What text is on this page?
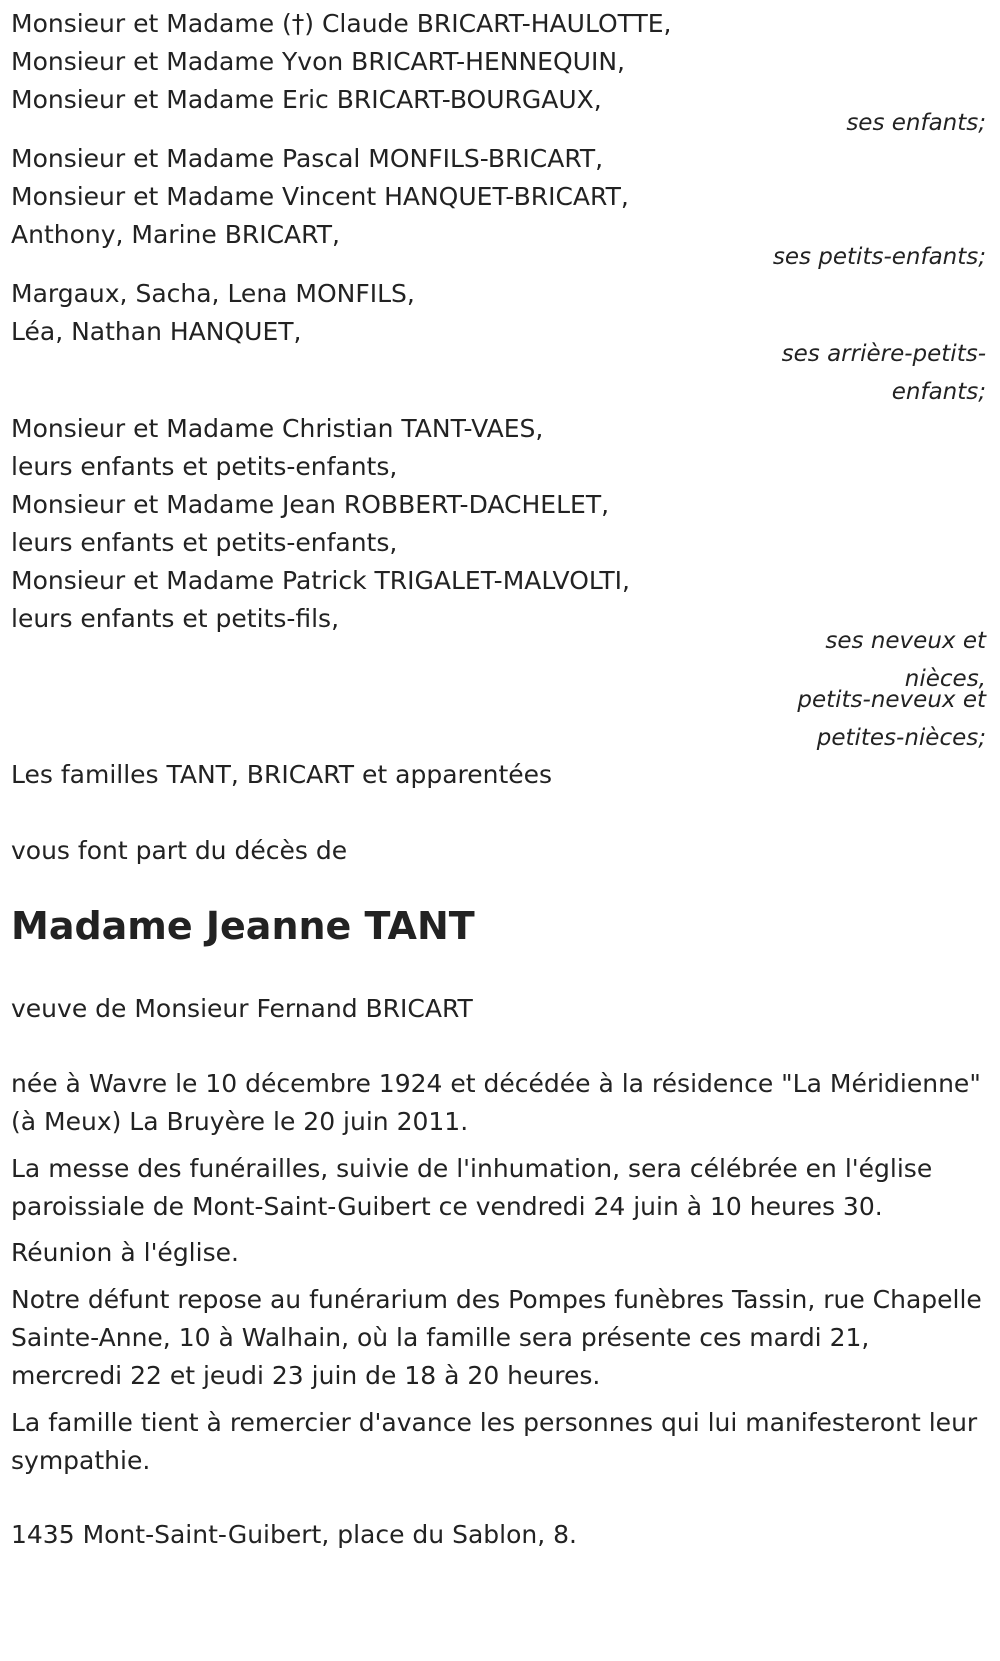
Monsieur et Madame (†) Claude BRICART-HAULOTTE,
Monsieur et Madame Yvon BRICART-HENNEQUIN,
Monsieur et Madame Eric BRICART-BOURGAUX,
ses enfants;
Monsieur et Madame Pascal MONFILS-BRICART,
Monsieur et Madame Vincent HANQUET-BRICART,
Anthony, Marine BRICART,
ses petits-enfants;
Margaux, Sacha, Lena MONFILS,
Léa, Nathan HANQUET,
ses arrière-petits-
enfants;
Monsieur et Madame Christian TANT-VAES,
leurs enfants et petits-enfants,
Monsieur et Madame Jean ROBBERT-DACHELET,
leurs enfants et petits-enfants,
Monsieur et Madame Patrick TRIGALET-MALVOLTI,
leurs enfants et petits-fils,
ses neveux et
nièces,
petits-neveux et
petites-nièces;
Les familles TANT, BRICART et apparentées
vous font part du décès de
Madame Jeanne TANT
veuve de Monsieur Fernand BRICART

née à Wavre le 10 décembre 1924 et décédée à la résidence "La Méridienne" (à Meux) La Bruyère le 20 juin 2011.

La messe des funérailles, suivie de l'inhumation, sera célébrée en l'église paroissiale de Mont-Saint-Guibert ce vendredi 24 juin à 10 heures 30.

Réunion à l'église.

Notre défunt repose au funérarium des Pompes funèbres Tassin, rue Chapelle Sainte-Anne, 10 à Walhain, où la famille sera présente ces mardi 21, mercredi 22 et jeudi 23 juin de 18 à 20 heures.

La famille tient à remercier d'avance les personnes qui lui manifesteront leur sympathie.

1435 Mont-Saint-Guibert, place du Sablon, 8.
